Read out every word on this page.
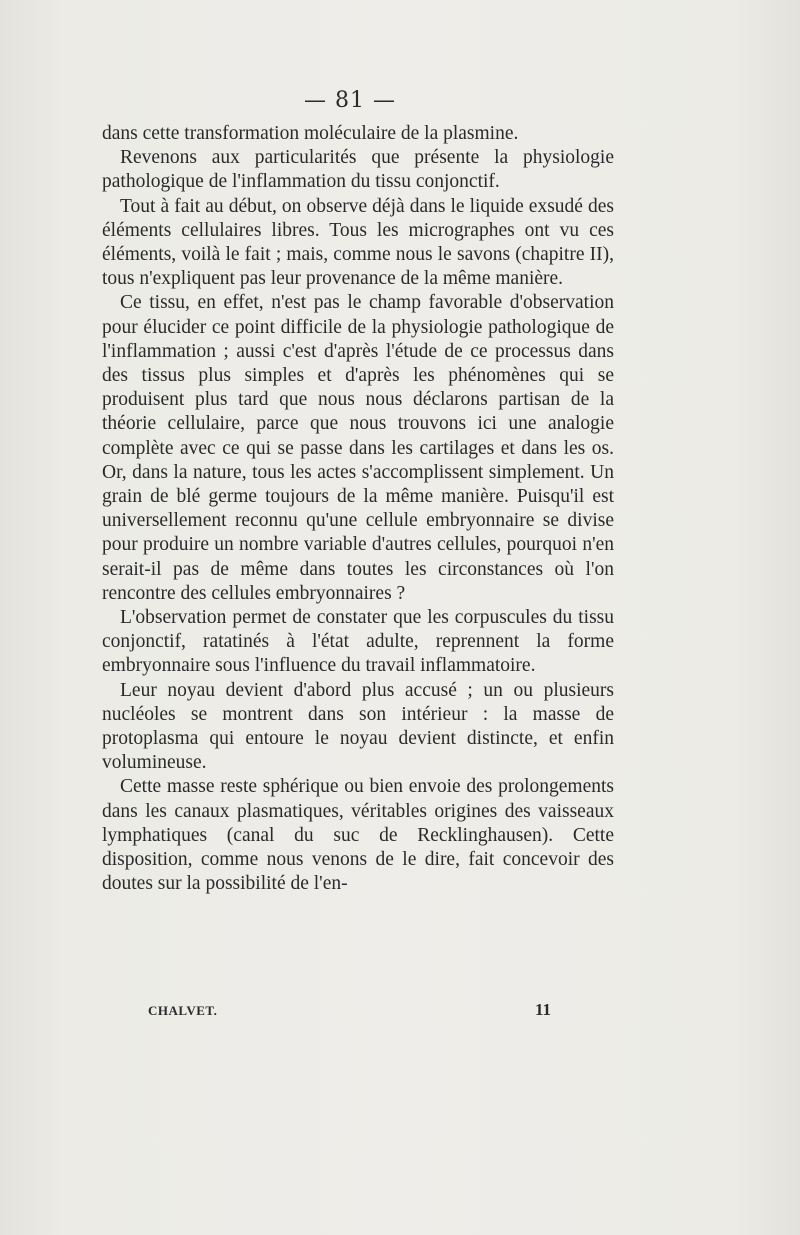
— 81 —

dans cette transformation moléculaire de la plasmine.

Revenons aux particularités que présente la physiologie pathologique de l'inflammation du tissu conjonctif.

Tout à fait au début, on observe déjà dans le liquide exsudé des éléments cellulaires libres. Tous les micrographes ont vu ces éléments, voilà le fait ; mais, comme nous le savons (chapitre II), tous n'expliquent pas leur provenance de la même manière.

Ce tissu, en effet, n'est pas le champ favorable d'observation pour élucider ce point difficile de la physiologie pathologique de l'inflammation ; aussi c'est d'après l'étude de ce processus dans des tissus plus simples et d'après les phénomènes qui se produisent plus tard que nous nous déclarons partisan de la théorie cellulaire, parce que nous trouvons ici une analogie complète avec ce qui se passe dans les cartilages et dans les os. Or, dans la nature, tous les actes s'accomplissent simplement. Un grain de blé germe toujours de la même manière. Puisqu'il est universellement reconnu qu'une cellule embryonnaire se divise pour produire un nombre variable d'autres cellules, pourquoi n'en serait-il pas de même dans toutes les circonstances où l'on rencontre des cellules embryonnaires ?

L'observation permet de constater que les corpuscules du tissu conjonctif, ratatinés à l'état adulte, reprennent la forme embryonnaire sous l'influence du travail inflammatoire.

Leur noyau devient d'abord plus accusé ; un ou plusieurs nucléoles se montrent dans son intérieur : la masse de protoplasma qui entoure le noyau devient distincte, et enfin volumineuse.

Cette masse reste sphérique ou bien envoie des prolongements dans les canaux plasmatiques, véritables origines des vaisseaux lymphatiques (canal du suc de Recklinghausen). Cette disposition, comme nous venons de le dire, fait concevoir des doutes sur la possibilité de l'en-

CHALVET.	11
